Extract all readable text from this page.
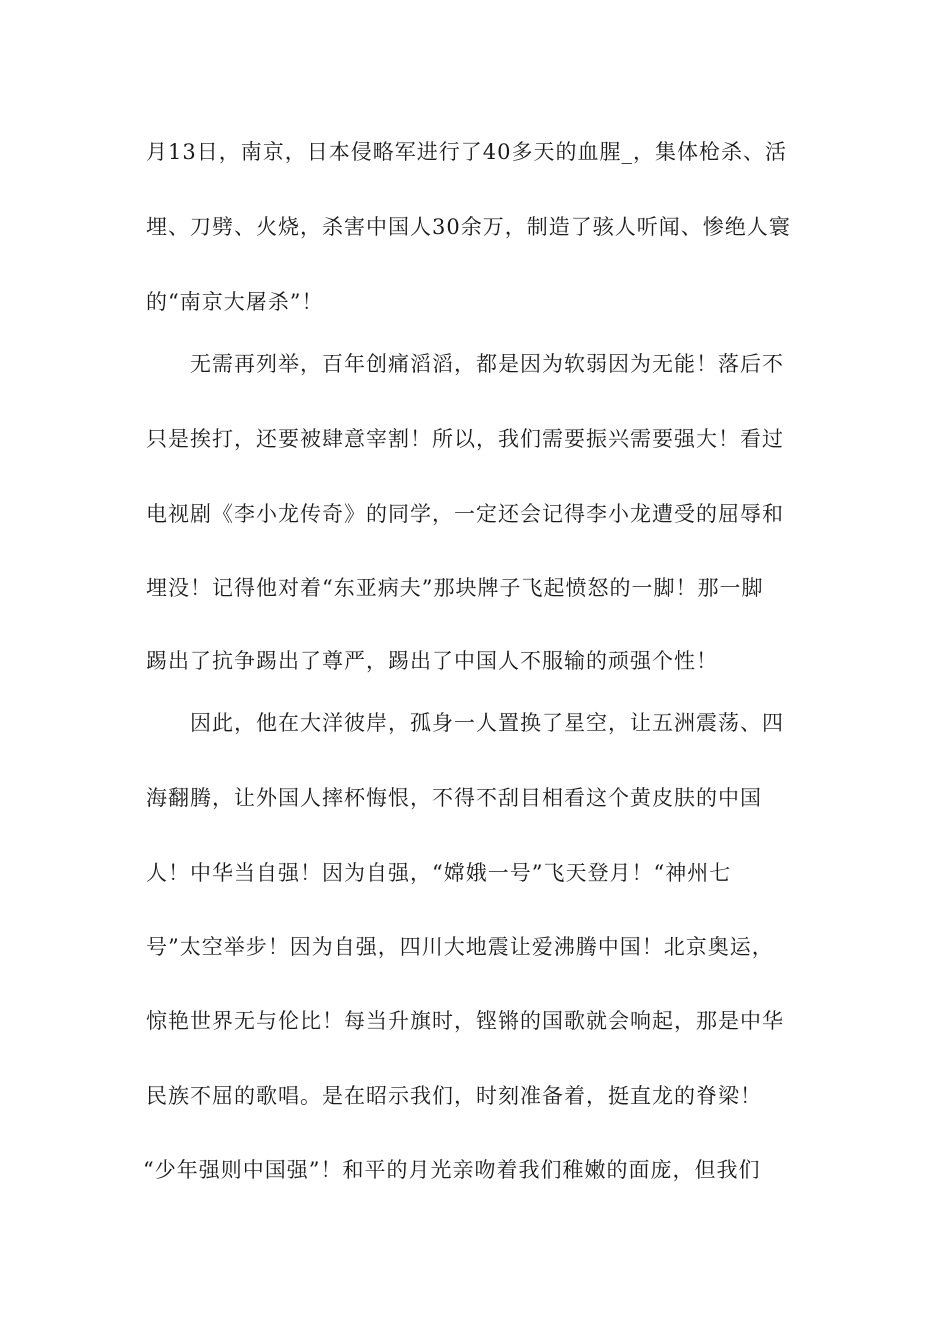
月13日，南京，日本侵略军进行了40多天的血腥_，集体枪杀、活
埋、刀劈、火烧，杀害中国人30余万，制造了骇人听闻、惨绝人寰
的“南京大屠杀”！
无需再列举，百年创痛滔滔，都是因为软弱因为无能！落后不
只是挨打，还要被肆意宰割！所以，我们需要振兴需要强大！看过
电视剧《李小龙传奇》的同学，一定还会记得李小龙遭受的屈辱和
埋没！记得他对着“东亚病夫”那块牌子飞起愤怒的一脚！那一脚
踢出了抗争踢出了尊严，踢出了中国人不服输的顽强个性！
因此，他在大洋彼岸，孤身一人置换了星空，让五洲震荡、四
海翻腾，让外国人摔杯悔恨，不得不刮目相看这个黄皮肤的中国
人！中华当自强！因为自强，“嫦娥一号”飞天登月！“神州七
号”太空举步！因为自强，四川大地震让爱沸腾中国！北京奥运，
惊艳世界无与伦比！每当升旗时，铿锵的国歌就会响起，那是中华
民族不屈的歌唱。是在昭示我们，时刻准备着，挺直龙的脊梁！
“少年强则中国强”！和平的月光亲吻着我们稚嫩的面庞，但我们
